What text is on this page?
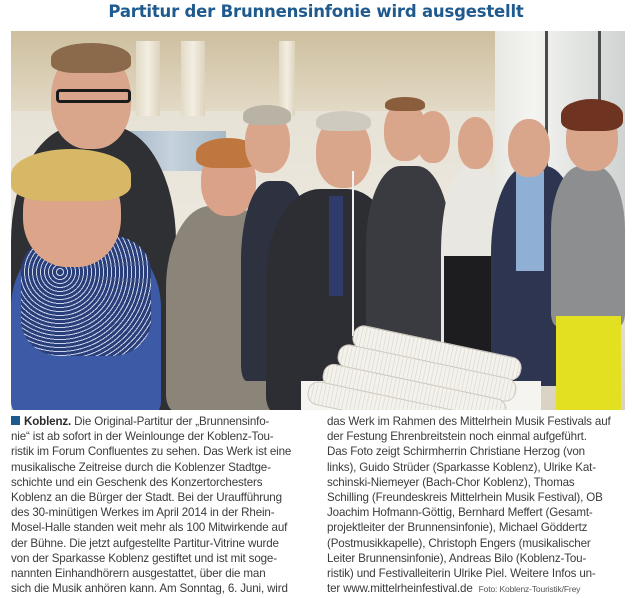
Partitur der Brunnensinfonie wird ausgestellt
Koblenz. Die Original-Partitur der „Brunnensinfo-
nie“ ist ab sofort in der Weinlounge der Koblenz-Tou-
ristik im Forum Confluentes zu sehen. Das Werk ist eine
musikalische Zeitreise durch die Koblenzer Stadtge-
schichte und ein Geschenk des Konzertorchesters
Koblenz an die Bürger der Stadt. Bei der Uraufführung
des 30-minütigen Werkes im April 2014 in der Rhein-
Mosel-Halle standen weit mehr als 100 Mitwirkende auf
der Bühne. Die jetzt aufgestellte Partitur-Vitrine wurde
von der Sparkasse Koblenz gestiftet und ist mit soge-
nannten Einhandhörern ausgestattet, über die man
sich die Musik anhören kann. Am Sonntag, 6. Juni, wird
das Werk im Rahmen des Mittelrhein Musik Festivals auf
der Festung Ehrenbreitstein noch einmal aufgeführt.
Das Foto zeigt Schirmherrin Christiane Herzog (von
links), Guido Strüder (Sparkasse Koblenz), Ulrike Kat-
schinski-Niemeyer (Bach-Chor Koblenz), Thomas
Schilling (Freundeskreis Mittelrhein Musik Festival), OB
Joachim Hofmann-Göttig, Bernhard Meffert (Gesamt-
projektleiter der Brunnensinfonie), Michael Göddertz
(Postmusikkapelle), Christoph Engers (musikalischer
Leiter Brunnensinfonie), Andreas Bilo (Koblenz-Tou-
ristik) und Festivalleiterin Ulrike Piel. Weitere Infos un-
ter www.mittelrheinfestival.de Foto: Koblenz-Touristik/Frey
